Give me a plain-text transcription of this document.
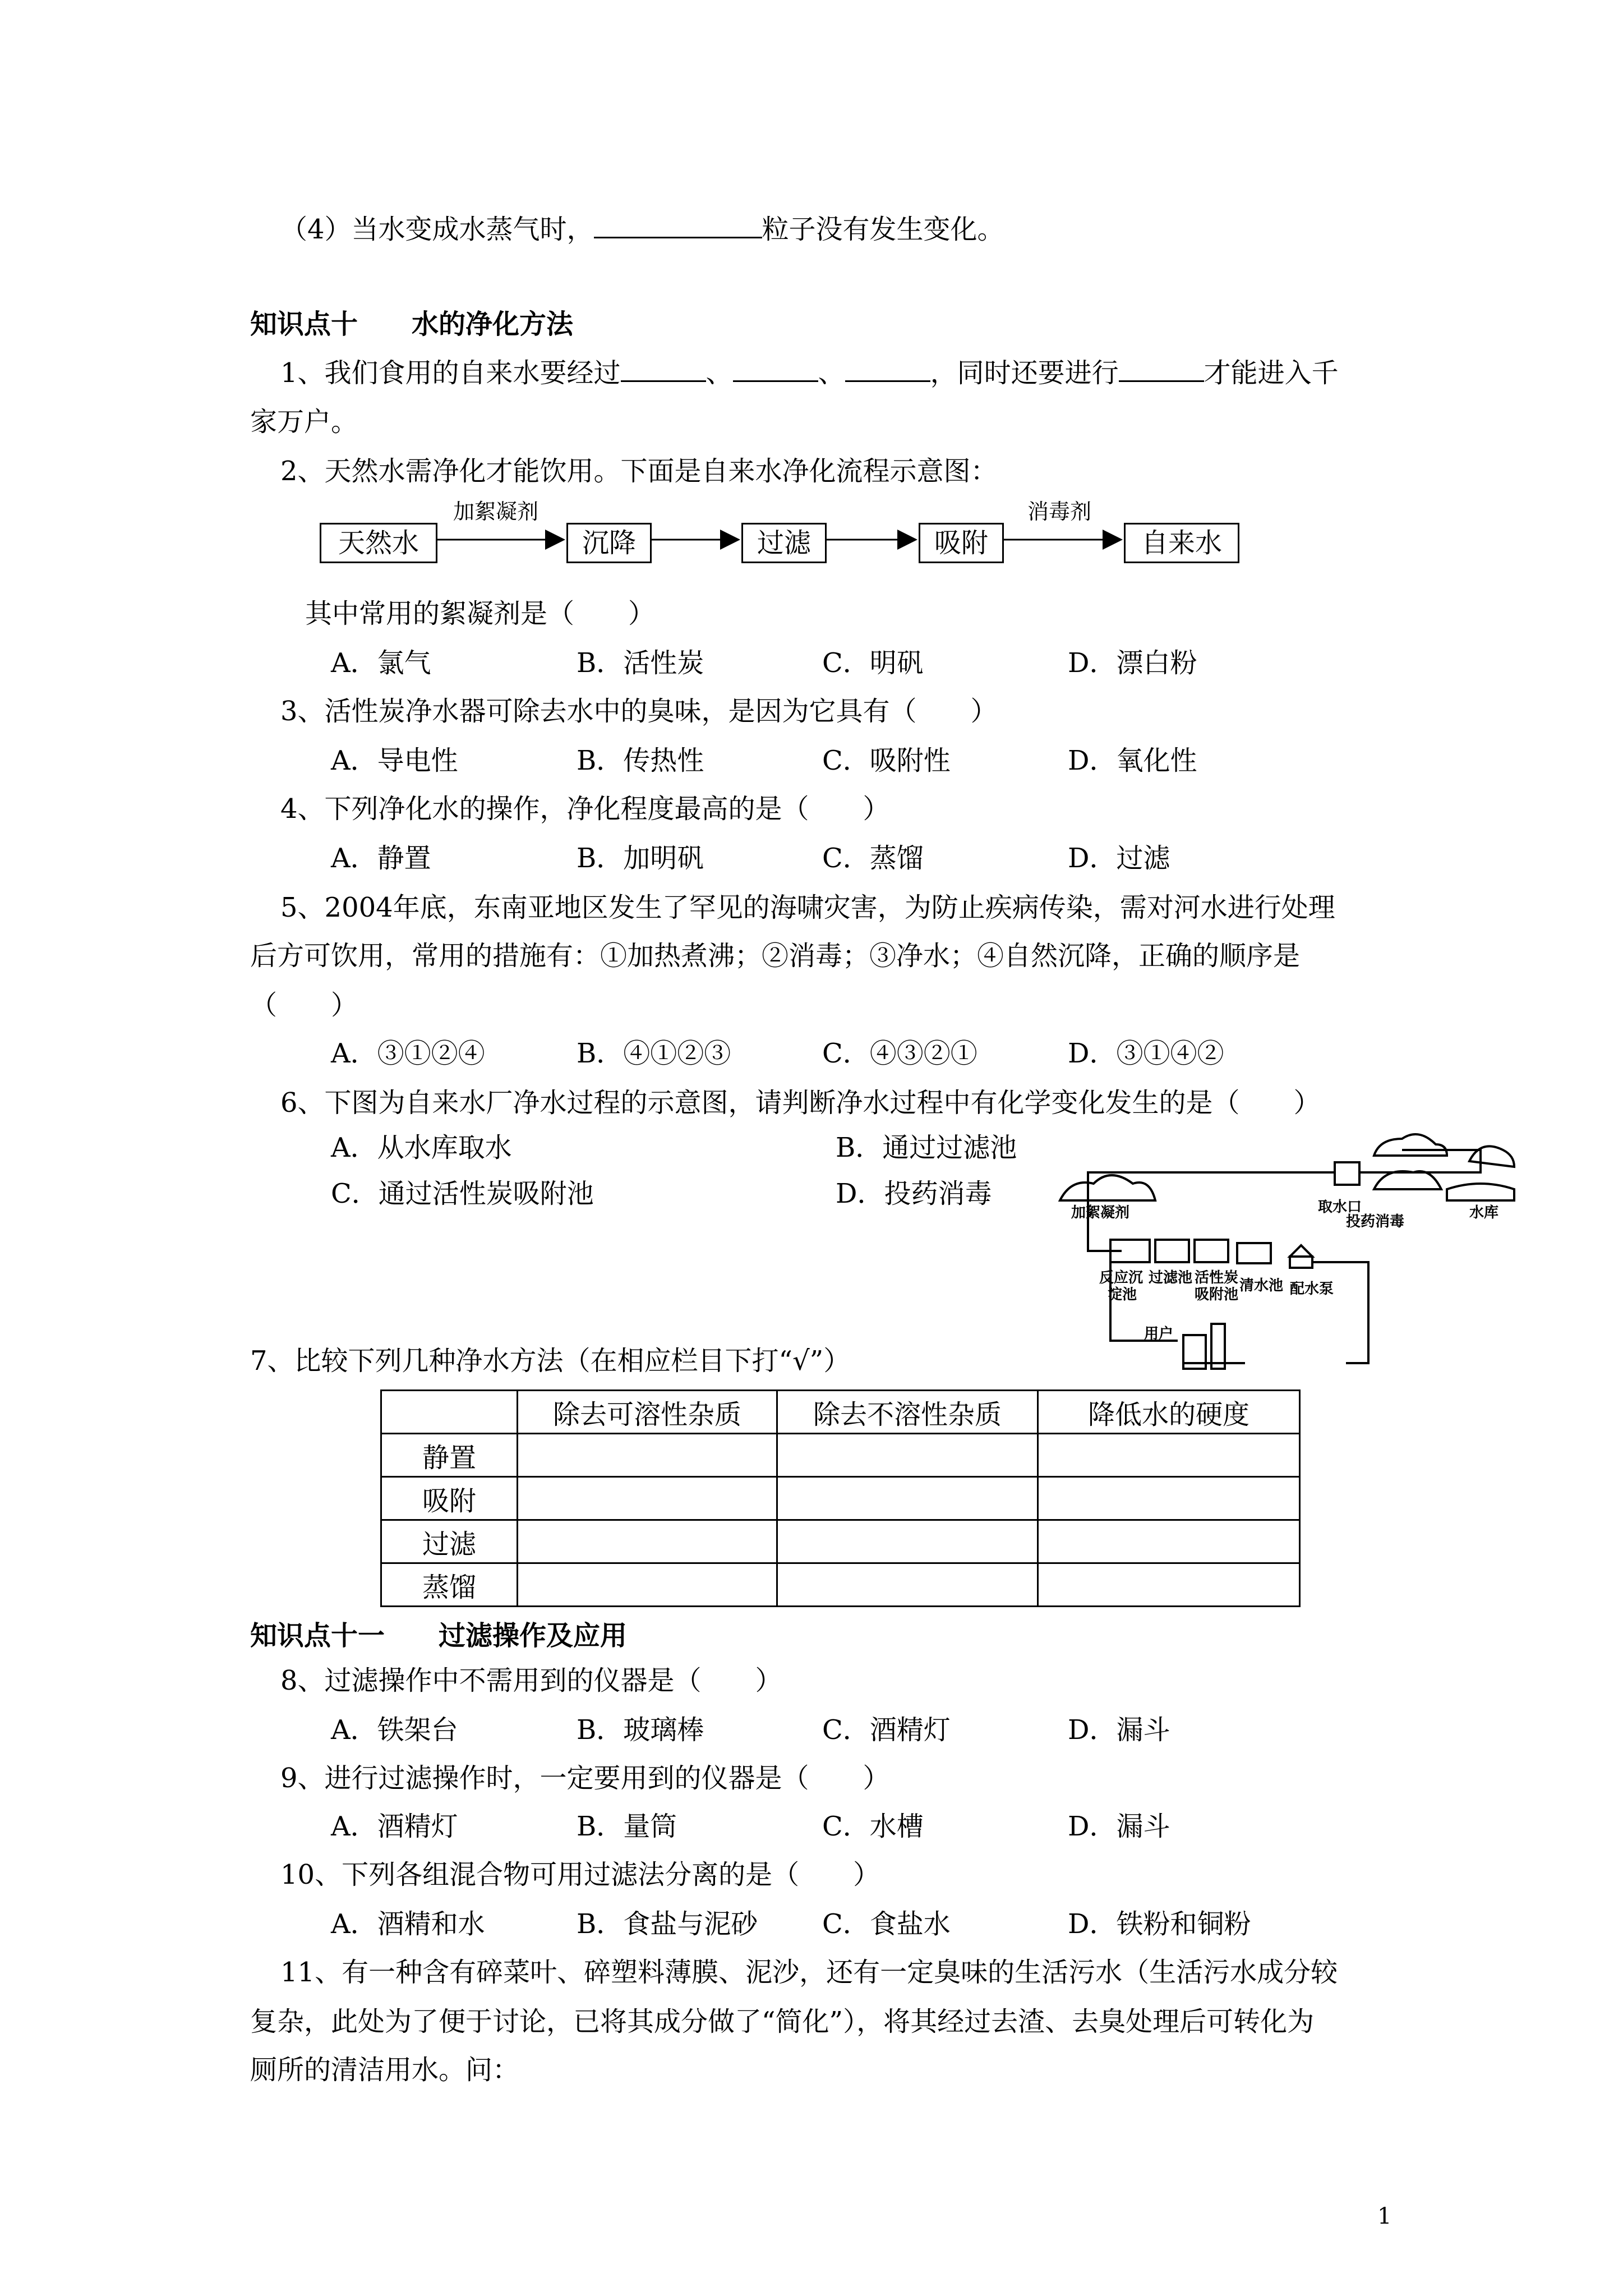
（4）当水变成水蒸气时，	粒子没有发生变化。
知识点十　　水的净化方法
1、我们食用的自来水要经过	、	、	，同时还要进行	才能进入千
家万户。
2、天然水需净化才能饮用。下面是自来水净化流程示意图：
天然水
加絮凝剂
沉降	过滤	吸附
消毒剂
自来水
其中常用的絮凝剂是（　　）
A．氯气	B．活性炭	C．明矾	D．漂白粉
3、活性炭净水器可除去水中的臭味，是因为它具有（　　）
A．导电性	B．传热性	C．吸附性	D．氧化性
4、下列净化水的操作，净化程度最高的是（　　）
A．静置	B．加明矾	C．蒸馏	D．过滤
5、2004年底，东南亚地区发生了罕见的海啸灾害，为防止疾病传染，需对河水进行处理
后方可饮用，常用的措施有：①加热煮沸；②消毒；③净水；④自然沉降，正确的顺序是
（　　）
A．③①②④	B．④①②③	C．④③②①	D．③①④②
6、下图为自来水厂净水过程的示意图，请判断净水过程中有化学变化发生的是（　　）
A．从水库取水	B．通过过滤池
C．通过活性炭吸附池	D．投药消毒	取水口	水库
加絮凝剂
投药消毒
反应沉
淀池
过滤池 活性炭
吸附池
清水池 配水泵
用户
7、比较下列几种净水方法（在相应栏目下打“√”）
	除去可溶性杂质	除去不溶性杂质	降低水的硬度
静置			
吸附			
过滤			
蒸馏			
知识点十一　　过滤操作及应用
8、过滤操作中不需用到的仪器是（　　）
A．铁架台	B．玻璃棒	C．酒精灯	D．漏斗
9、进行过滤操作时，一定要用到的仪器是（　　）
A．酒精灯	B．量筒	C．水槽	D．漏斗
10、下列各组混合物可用过滤法分离的是（　　）
A．酒精和水	B．食盐与泥砂 C．食盐水	D．铁粉和铜粉
11、有一种含有碎菜叶、碎塑料薄膜、泥沙，还有一定臭味的生活污水（生活污水成分较
复杂，此处为了便于讨论，已将其成分做了“简化”），将其经过去渣、去臭处理后可转化为
厕所的清洁用水。问：
1
